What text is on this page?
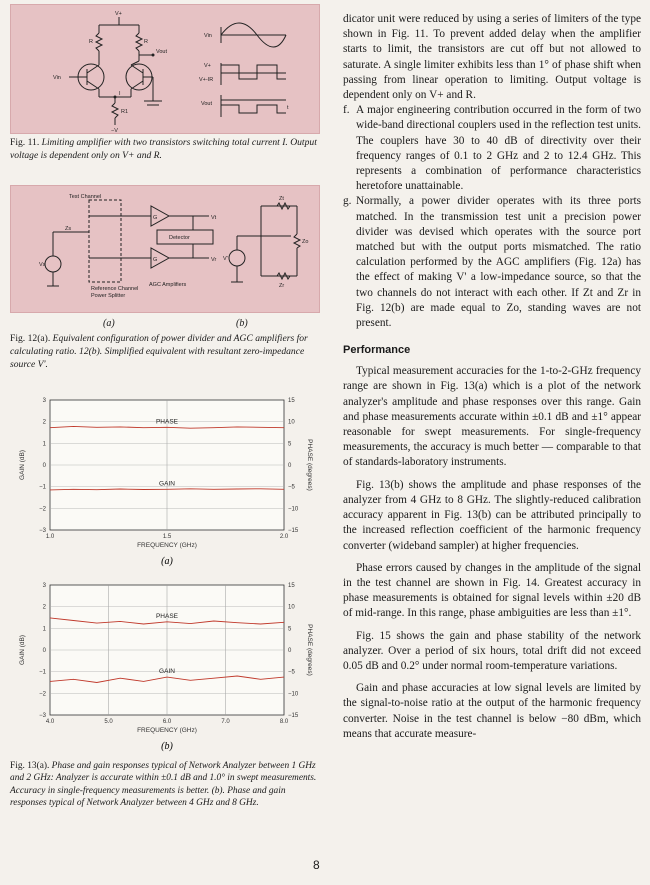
V+
R	R
R1
−V
Vin
Vout
I
Vin
V+
V+-IR
Vout
t
Fig. 11. Limiting amplifier with two transistors switching total current I. Output voltage is dependent only on V+ and R.
Test Channel
Reference Channel
Power Splitter
AGC Amplifiers
Detector
G
G
Vs
Zs
Vt
Vr V'
Zt
Zr
Zo
(a)	(b)
Fig. 12(a). Equivalent configuration of power divider and AGC amplifiers for calculating ratio. 12(b). Simplified equivalent with resultant zero-impedance source V'.
1.0	1.5	2.0
3
2
1
0
−1
−2
−3
15
10
5
0
−5
−10
−15
FREQUENCY (GHz)
GAIN (dB)	PHASE (degrees)
PHASE
GAIN
(a)
4.0	5.0	6.0	7.0	8.0
3
2
1
0
−1
−2
−3
15
10
5
0
−5
−10
−15
FREQUENCY (GHz)
GAIN (dB)	PHASE (degrees)
PHASE
GAIN
(b)
Fig. 13(a). Phase and gain responses typical of Network Analyzer between 1 GHz and 2 GHz: Analyzer is accurate within ±0.1 dB and 1.0° in swept measurements. Accuracy in single-frequency measurements is better. (b). Phase and gain responses typical of Network Analyzer between 4 GHz and 8 GHz.

dicator unit were reduced by using a series of limiters of the type shown in Fig. 11. To prevent added delay when the amplifier starts to limit, the transistors are cut off but not allowed to saturate. A single limiter exhibits less than 1° of phase shift when passing from linear operation to limiting. Output voltage is dependent only on V+ and R.

f. A major engineering contribution occurred in the form of two wide-band directional couplers used in the reflection test units. The couplers have 30 to 40 dB of directivity over their frequency ranges of 0.1 to 2 GHz and 2 to 12.4 GHz. This represents a combination of performance characteristics heretofore unattainable.

g. Normally, a power divider operates with its three ports matched. In the transmission test unit a precision power divider was devised which operates with the source port matched but with the output ports mismatched. The ratio calculation performed by the AGC amplifiers (Fig. 12a) has the effect of making V' a low-impedance source, so that the two channels do not interact with each other. If Zt and Zr in Fig. 12(b) are made equal to Zo, standing waves are not present.

Performance

Typical measurement accuracies for the 1-to-2-GHz frequency range are shown in Fig. 13(a) which is a plot of the network analyzer's amplitude and phase responses over this range. Gain and phase measurements accurate within ±0.1 dB and ±1° appear reasonable for swept measurements. For single-frequency measurements, the accuracy is much better — comparable to that of standards-laboratory instruments.

Fig. 13(b) shows the amplitude and phase responses of the analyzer from 4 GHz to 8 GHz. The slightly-reduced calibration accuracy apparent in Fig. 13(b) can be attributed principally to the increased reflection coefficient of the harmonic frequency converter (wideband sampler) at higher frequencies.

Phase errors caused by changes in the amplitude of the signal in the test channel are shown in Fig. 14. Greatest accuracy in phase measurements is obtained for signal levels within ±20 dB of mid-range. In this range, phase ambiguities are less than ±1°.

Fig. 15 shows the gain and phase stability of the network analyzer. Over a period of six hours, total drift did not exceed 0.05 dB and 0.2° under normal room-temperature variations.

Gain and phase accuracies at low signal levels are limited by the signal-to-noise ratio at the output of the harmonic frequency converter. Noise in the test channel is below −80 dBm, which means that accurate measure-

8
